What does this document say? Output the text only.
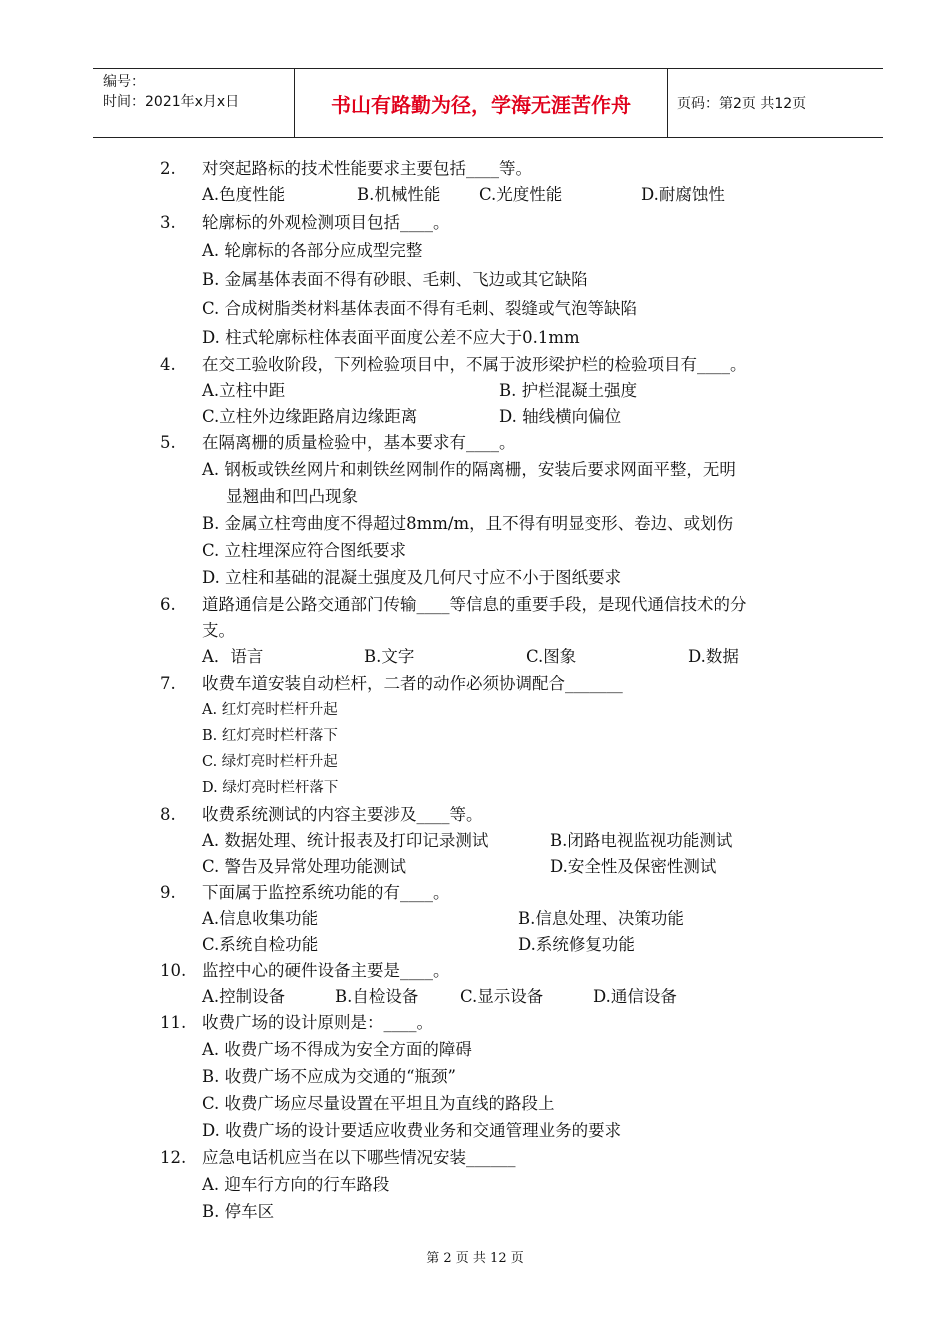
编号：
时间：2021年x月x日	书山有路勤为径，学海无涯苦作舟	页码：第2页 共12页
2. 对突起路标的技术性能要求主要包括____等。
A.色度性能	B.机械性能	C.光度性能	D.耐腐蚀性
3. 轮廓标的外观检测项目包括____。
A. 轮廓标的各部分应成型完整
B. 金属基体表面不得有砂眼、毛刺、飞边或其它缺陷
C. 合成树脂类材料基体表面不得有毛刺、裂缝或气泡等缺陷
D. 柱式轮廓标柱体表面平面度公差不应大于0.1mm
4. 在交工验收阶段，下列检验项目中，不属于波形梁护栏的检验项目有____。
A.立柱中距	B. 护栏混凝土强度
C.立柱外边缘距路肩边缘距离	D. 轴线横向偏位
5. 在隔离栅的质量检验中，基本要求有____。
A. 钢板或铁丝网片和刺铁丝网制作的隔离栅，安装后要求网面平整，无明
显翘曲和凹凸现象
B. 金属立柱弯曲度不得超过8mm/m，且不得有明显变形、卷边、或划伤
C. 立柱埋深应符合图纸要求
D. 立柱和基础的混凝土强度及几何尺寸应不小于图纸要求
6. 道路通信是公路交通部门传输____等信息的重要手段，是现代通信技术的分
支。
A．语言	B.文字	C.图象	D.数据
7. 收费车道安装自动栏杆，二者的动作必须协调配合_______
A. 红灯亮时栏杆升起
B. 红灯亮时栏杆落下
C. 绿灯亮时栏杆升起
D. 绿灯亮时栏杆落下
8. 收费系统测试的内容主要涉及____等。
A. 数据处理、统计报表及打印记录测试	B.闭路电视监视功能测试
C. 警告及异常处理功能测试	D.安全性及保密性测试
9. 下面属于监控系统功能的有____。
A.信息收集功能	B.信息处理、决策功能
C.系统自检功能	D.系统修复功能
10. 监控中心的硬件设备主要是____。
A.控制设备	B.自检设备	C.显示设备	D.通信设备
11. 收费广场的设计原则是：____。
A. 收费广场不得成为安全方面的障碍
B. 收费广场不应成为交通的“瓶颈”
C. 收费广场应尽量设置在平坦且为直线的路段上
D. 收费广场的设计要适应收费业务和交通管理业务的要求
12. 应急电话机应当在以下哪些情况安装______
A. 迎车行方向的行车路段
B. 停车区
第 2 页 共 12 页
